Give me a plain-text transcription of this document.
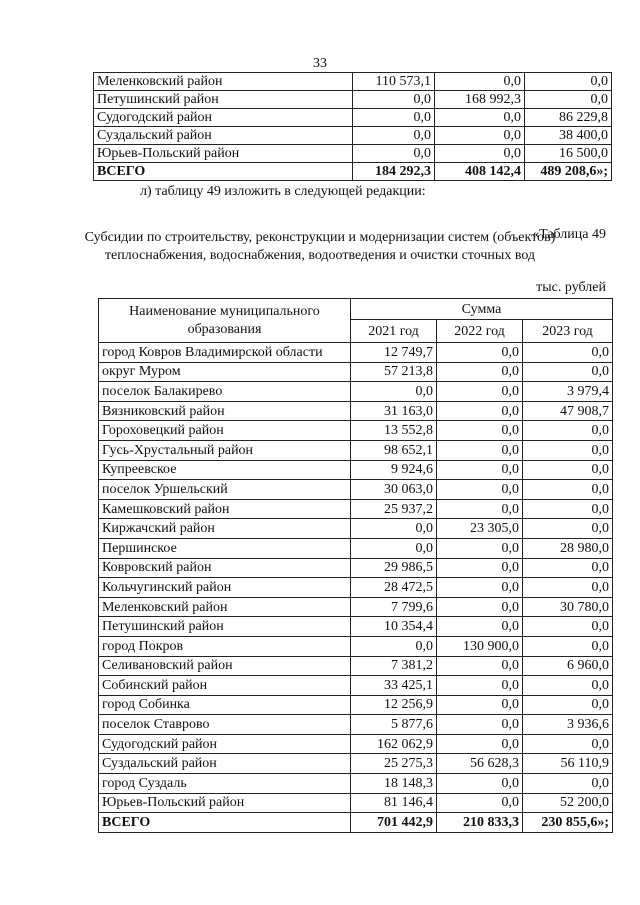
33
Меленковский район	110 573,1	0,0	0,0
Петушинский район	0,0	168 992,3	0,0
Судогодский район	0,0	0,0	86 229,8
Суздальский район	0,0	0,0	38 400,0
Юрьев-Польский район	0,0	0,0	16 500,0
ВСЕГО	184 292,3	408 142,4	489 208,6»;
л) таблицу 49 изложить в следующей редакции:
«Таблица 49
Субсидии по строительству, реконструкции и модернизации систем (объектов)
теплоснабжения, водоснабжения, водоотведения и очистки сточных вод
тыс. рублей
Наименование муниципального
образования	Сумма		
	2021 год	2022 год	2023 год
город Ковров Владимирской области	12 749,7	0,0	0,0
округ Муром	57 213,8	0,0	0,0
поселок Балакирево	0,0	0,0	3 979,4
Вязниковский район	31 163,0	0,0	47 908,7
Гороховецкий район	13 552,8	0,0	0,0
Гусь-Хрустальный район	98 652,1	0,0	0,0
Купреевское	9 924,6	0,0	0,0
поселок Уршельский	30 063,0	0,0	0,0
Камешковский район	25 937,2	0,0	0,0
Киржачский район	0,0	23 305,0	0,0
Першинское	0,0	0,0	28 980,0
Ковровский район	29 986,5	0,0	0,0
Кольчугинский район	28 472,5	0,0	0,0
Меленковский район	7 799,6	0,0	30 780,0
Петушинский район	10 354,4	0,0	0,0
город Покров	0,0	130 900,0	0,0
Селивановский район	7 381,2	0,0	6 960,0
Собинский район	33 425,1	0,0	0,0
город Собинка	12 256,9	0,0	0,0
поселок Ставрово	5 877,6	0,0	3 936,6
Судогодский район	162 062,9	0,0	0,0
Суздальский район	25 275,3	56 628,3	56 110,9
город Суздаль	18 148,3	0,0	0,0
Юрьев-Польский район	81 146,4	0,0	52 200,0
ВСЕГО	701 442,9	210 833,3	230 855,6»;
